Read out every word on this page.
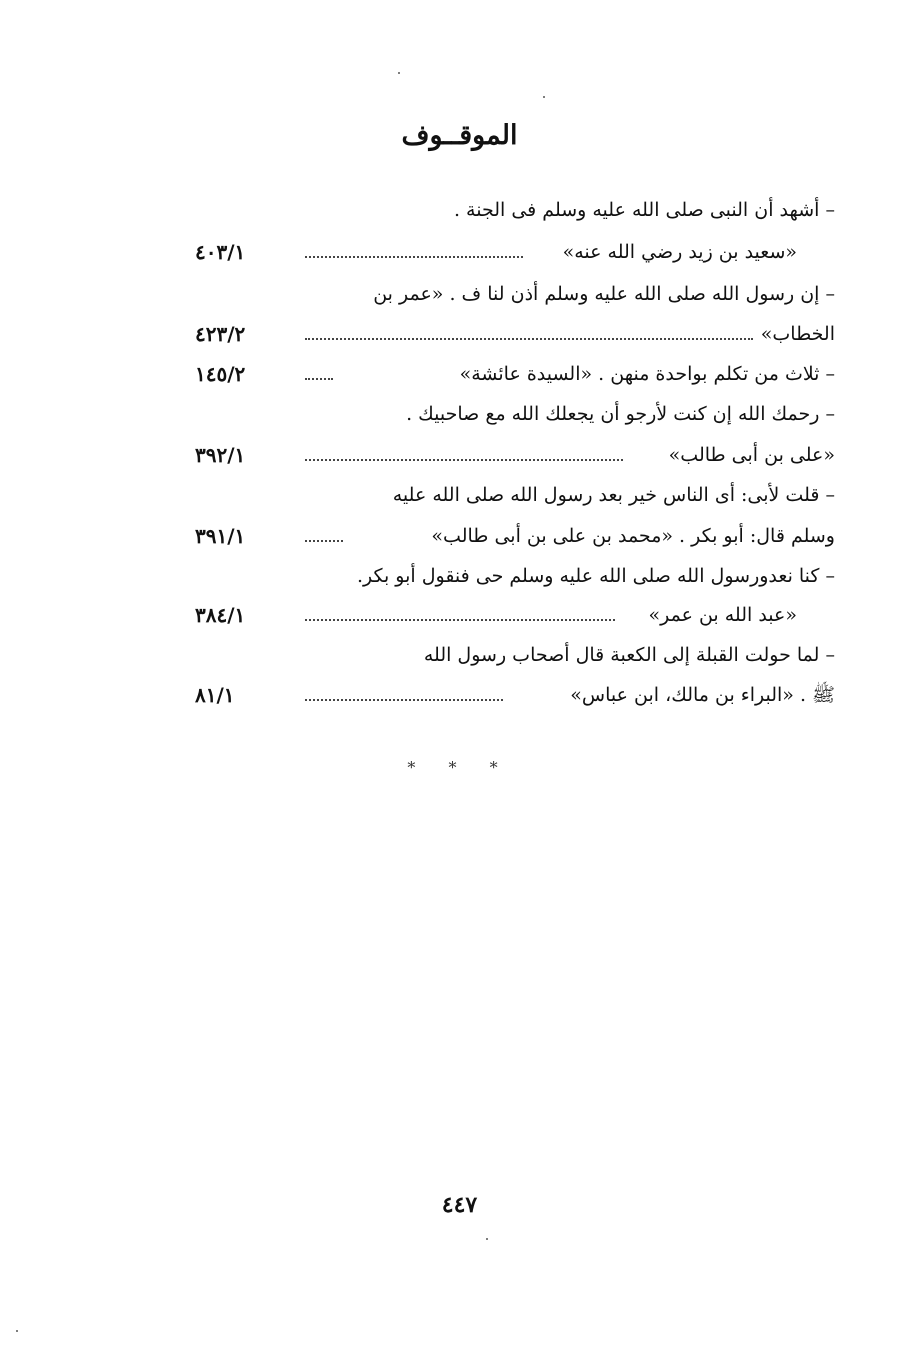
الموقــوف
– أشهد أن النبى صلى الله عليه وسلم فى الجنة .
«سعيد بن زيد رضي الله عنه»
٤٠٣/١
– إن رسول الله صلى الله عليه وسلم أذن لنا ف . «عمر بن
الخطاب»
٤٢٣/٢
– ثلاث من تكلم بواحدة منهن . «السيدة عائشة»
١٤٥/٢
– رحمك الله إن كنت لأرجو أن يجعلك الله مع صاحبيك .
«على بن أبى طالب»
٣٩٢/١
– قلت لأبى: أى الناس خير بعد رسول الله صلى الله عليه
وسلم قال: أبو بكر . «محمد بن على بن أبى طالب»
٣٩١/١
– كنا نعدورسول الله صلى الله عليه وسلم حى فنقول أبو بكر.
«عبد الله بن عمر»
٣٨٤/١
– لما حولت القبلة إلى الكعبة قال أصحاب رسول الله
ﷺ . «البراء بن مالك، ابن عباس»
٨١/١
* * *
٤٤٧
